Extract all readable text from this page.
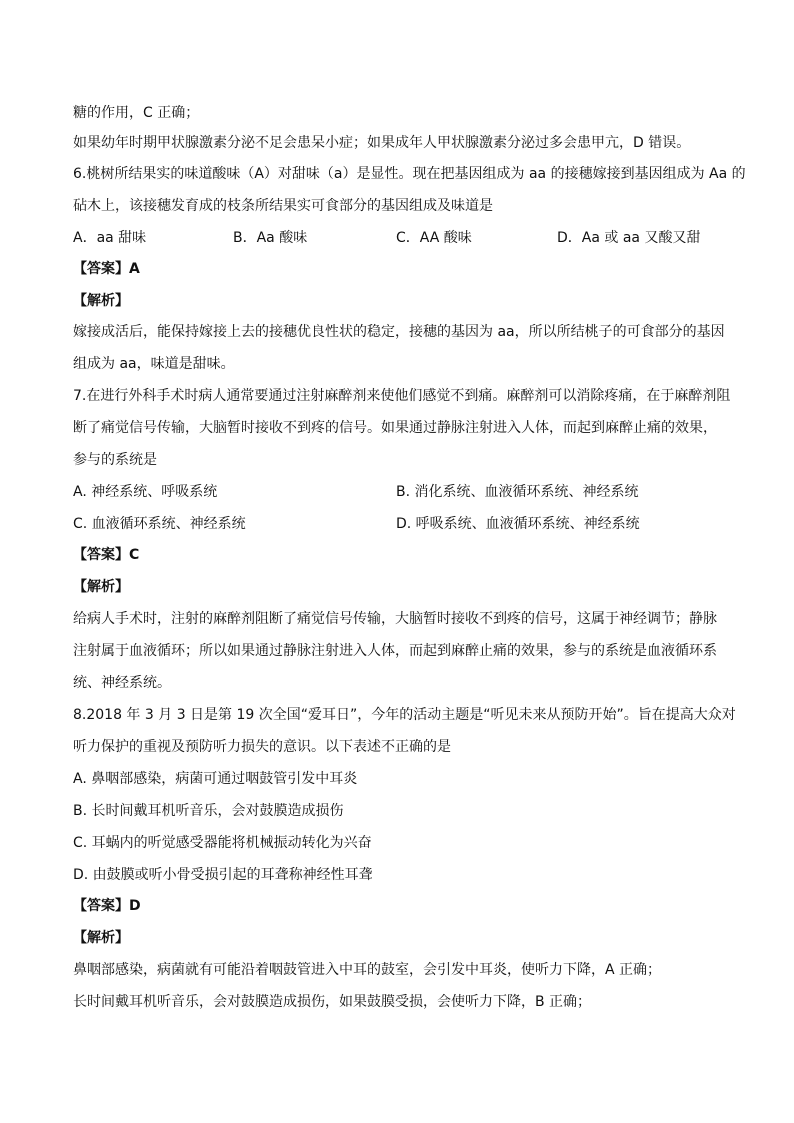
糖的作用，C 正确；
如果幼年时期甲状腺激素分泌不足会患呆小症；如果成年人甲状腺激素分泌过多会患甲亢，D 错误。
6.桃树所结果实的味道酸味（A）对甜味（a）是显性。现在把基因组成为 aa 的接穗嫁接到基因组成为 Aa 的
砧木上，该接穗发育成的枝条所结果实可食部分的基因组成及味道是
A．aa 甜味	B．Aa 酸味	C．AA 酸味	D．Aa 或 aa 又酸又甜
【答案】A
【解析】
嫁接成活后，能保持嫁接上去的接穗优良性状的稳定，接穗的基因为 aa，所以所结桃子的可食部分的基因
组成为 aa，味道是甜味。
7.在进行外科手术时病人通常要通过注射麻醉剂来使他们感觉不到痛。麻醉剂可以消除疼痛，在于麻醉剂阻
断了痛觉信号传输，大脑暂时接收不到疼的信号。如果通过静脉注射进入人体，而起到麻醉止痛的效果，
参与的系统是
A. 神经系统、呼吸系统	B. 消化系统、血液循环系统、神经系统
C. 血液循环系统、神经系统	D. 呼吸系统、血液循环系统、神经系统
【答案】C
【解析】
给病人手术时，注射的麻醉剂阻断了痛觉信号传输，大脑暂时接收不到疼的信号，这属于神经调节；静脉
注射属于血液循环；所以如果通过静脉注射进入人体，而起到麻醉止痛的效果，参与的系统是血液循环系
统、神经系统。
8.2018 年 3 月 3 日是第 19 次全国“爱耳日”，今年的活动主题是“听见未来从预防开始”。旨在提高大众对
听力保护的重视及预防听力损失的意识。以下表述不正确的是
A. 鼻咽部感染，病菌可通过咽鼓管引发中耳炎
B. 长时间戴耳机听音乐，会对鼓膜造成损伤
C. 耳蜗内的听觉感受器能将机械振动转化为兴奋
D. 由鼓膜或听小骨受损引起的耳聋称神经性耳聋
【答案】D
【解析】
鼻咽部感染，病菌就有可能沿着咽鼓管进入中耳的鼓室，会引发中耳炎，使听力下降，A 正确；
长时间戴耳机听音乐，会对鼓膜造成损伤，如果鼓膜受损，会使听力下降，B 正确；
